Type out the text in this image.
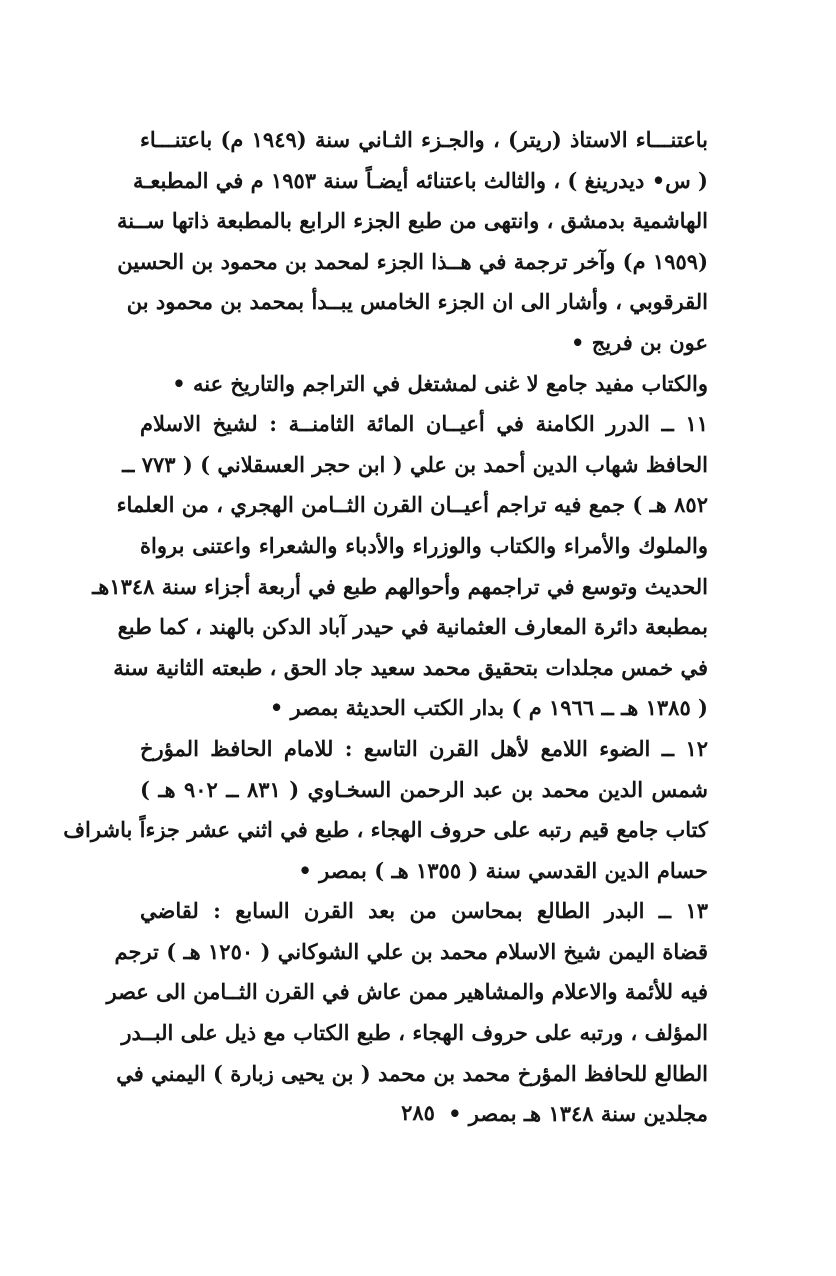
باعتنـــاء الاستاذ (ريتر) ، والجـزء الثـاني سنة (١٩٤٩ م) باعتنـــاء
( س• ديدرينغ ) ، والثالث باعتنائه أيضـاً سنة ١٩٥٣ م في المطبعـة
الهاشمية بدمشق ، وانتهى من طبع الجزء الرابع بالمطبعة ذاتها ســنة
(١٩٥٩ م) وآخر ترجمة في هــذا الجزء لمحمد بن محمود بن الحسين
القرقوبي ، وأشار الى ان الجزء الخامس يبــدأ بمحمد بن محمود بن
عون بن فريج •
والكتاب مفيد جامع لا غنى لمشتغل في التراجم والتاريخ عنه •
١١ ــ الدرر الكامنة في أعيــان المائة الثامنــة : لشيخ الاسلام
الحافظ شهاب الدين أحمد بن علي ( ابن حجر العسقلاني ) ( ٧٧٣ ــ
٨٥٢ هـ ) جمع فيه تراجم أعيــان القرن الثــامن الهجري ، من العلماء
والملوك والأمراء والكتاب والوزراء والأدباء والشعراء واعتنى برواة
الحديث وتوسع في تراجمهم وأحوالهم طبع في أربعة أجزاء سنة ١٣٤٨هـ
بمطبعة دائرة المعارف العثمانية في حيدر آباد الدكن بالهند ، كما طبع
في خمس مجلدات بتحقيق محمد سعيد جاد الحق ، طبعته الثانية سنة
( ١٣٨٥ هـ ــ ١٩٦٦ م ) بدار الكتب الحديثة بمصر •
١٢ ــ الضوء اللامع لأهل القرن التاسع : للامام الحافظ المؤرخ
شمس الدين محمد بن عبد الرحمن السخـاوي ( ٨٣١ ــ ٩٠٢ هـ )
كتاب جامع قيم رتبه على حروف الهجاء ، طبع في اثني عشر جزءاً باشراف
حسام الدين القدسي سنة ( ١٣٥٥ هـ ) بمصر •
١٣ ــ البدر الطالع بمحاسن من بعد القرن السابع : لقاضي
قضاة اليمن شيخ الاسلام محمد بن علي الشوكاني ( ١٢٥٠ هـ ) ترجم
فيه للأئمة والاعلام والمشاهير ممن عاش في القرن الثــامن الى عصر
المؤلف ، ورتبه على حروف الهجاء ، طبع الكتاب مع ذيل على البــدر
الطالع للحافظ المؤرخ محمد بن محمد ( بن يحيى زبارة ) اليمني في
مجلدين سنة ١٣٤٨ هـ بمصر •
٢٨٥
